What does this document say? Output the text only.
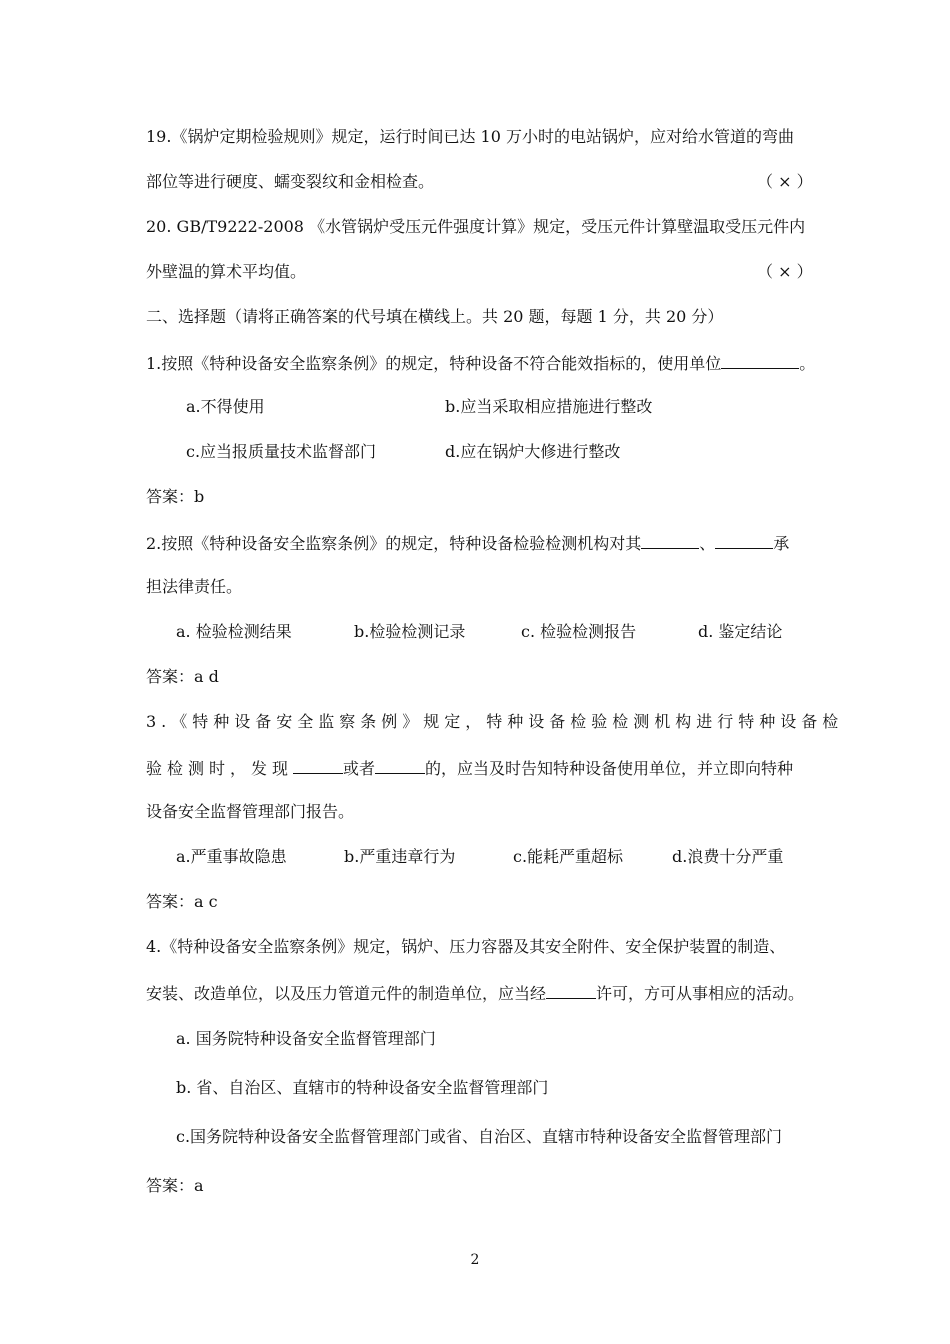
19.《锅炉定期检验规则》规定，运行时间已达 10 万小时的电站锅炉，应对给水管道的弯曲
部位等进行硬度、蠕变裂纹和金相检查。	（ × ）
20. GB/T9222-2008 《水管锅炉受压元件强度计算》规定，受压元件计算壁温取受压元件内
外壁温的算术平均值。	（ × ）
二、选择题（请将正确答案的代号填在横线上。共 20 题，每题 1 分，共 20 分）
1.按照《特种设备安全监察条例》的规定，特种设备不符合能效指标的，使用单位	。
a.不得使用	b.应当采取相应措施进行整改
c.应当报质量技术监督部门	d.应在锅炉大修进行整改
答案：b
2.按照《特种设备安全监察条例》的规定，特种设备检验检测机构对其	、	承
担法律责任。
a. 检验检测结果	b.检验检测记录	c. 检验检测报告	d. 鉴定结论
答案：a d
3.《特种设备安全监察条例》规定，特种设备检验检测机构进行特种设备检
验检测时，发现	或者	的，应当及时告知特种设备使用单位，并立即向特种
设备安全监督管理部门报告。
a.严重事故隐患	b.严重违章行为	c.能耗严重超标	d.浪费十分严重
答案：a c
4.《特种设备安全监察条例》规定，锅炉、压力容器及其安全附件、安全保护装置的制造、
安装、改造单位，以及压力管道元件的制造单位，应当经	许可，方可从事相应的活动。
a. 国务院特种设备安全监督管理部门
b. 省、自治区、直辖市的特种设备安全监督管理部门
c.国务院特种设备安全监督管理部门或省、自治区、直辖市特种设备安全监督管理部门
答案：a
2
